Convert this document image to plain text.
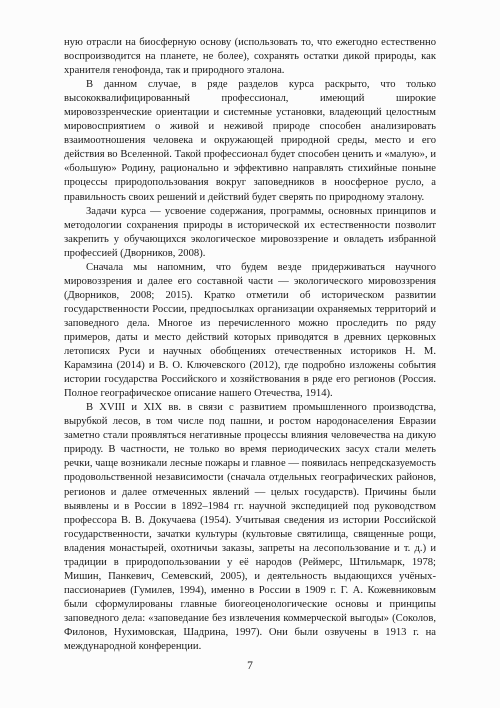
ную отрасли на биосферную основу (использовать то, что ежегодно естественно воспроизводится на планете, не более), сохранять остатки дикой природы, как хранителя генофонда, так и природного эталона.

В данном случае, в ряде разделов курса раскрыто, что только высококвалифицированный профессионал, имеющий широкие мировоззренческие ориентации и системные установки, владеющий целостным мировосприятием о живой и неживой природе способен анализировать взаимоотношения человека и окружающей природной среды, место и его действия во Вселенной. Такой профессионал будет способен ценить и «малую», и «большую» Родину, рационально и эффективно направлять стихийные поныне процессы природопользования вокруг заповедников в ноосферное русло, а правильность своих решений и действий будет сверять по природному эталону.

Задачи курса — усвоение содержания, программы, основных принципов и методологии сохранения природы в исторической их естественности позволит закрепить у обучающихся экологическое мировоззрение и овладеть избранной профессией (Дворников, 2008).

Сначала мы напомним, что будем везде придерживаться научного мировоззрения и далее его составной части — экологического мировоззрения (Дворников, 2008; 2015). Кратко отметили об историческом развитии государственности России, предпосылках организации охраняемых территорий и заповедного дела. Многое из перечисленного можно проследить по ряду примеров, даты и место действий которых приводятся в древних церковных летописях Руси и научных обобщениях отечественных историков Н. М. Карамзина (2014) и В. О. Ключевского (2012), где подробно изложены события истории государства Российского и хозяйствования в ряде его регионов (Россия. Полное географическое описание нашего Отечества, 1914).

В XVIII и XIX вв. в связи с развитием промышленного производства, вырубкой лесов, в том числе под пашни, и ростом народонаселения Евразии заметно стали проявляться негативные процессы влияния человечества на дикую природу. В частности, не только во время периодических засух стали мелеть речки, чаще возникали лесные пожары и главное — появилась непредсказуемость продовольственной независимости (сначала отдельных географических районов, регионов и далее отмеченных явлений — целых государств). Причины были выявлены и в России в 1892–1984 гг. научной экспедицией под руководством профессора В. В. Докучаева (1954). Учитывая сведения из истории Российской государственности, зачатки культуры (культовые святилища, священные рощи, владения монастырей, охотничьи заказы, запреты на лесопользование и т. д.) и традиции в природопользовании у её народов (Реймерс, Штильмарк, 1978; Мишин, Панкевич, Семевский, 2005), и деятельность выдающихся учёных-пассионариев (Гумилев, 1994), именно в России в 1909 г. Г. А. Кожевниковым были сформулированы главные биогеоценологические основы и принципы заповедного дела: «заповедание без извлечения коммерческой выгоды» (Соколов, Филонов, Нухимовская, Шадрина, 1997). Они были озвучены в 1913 г. на международной конференции.

7
